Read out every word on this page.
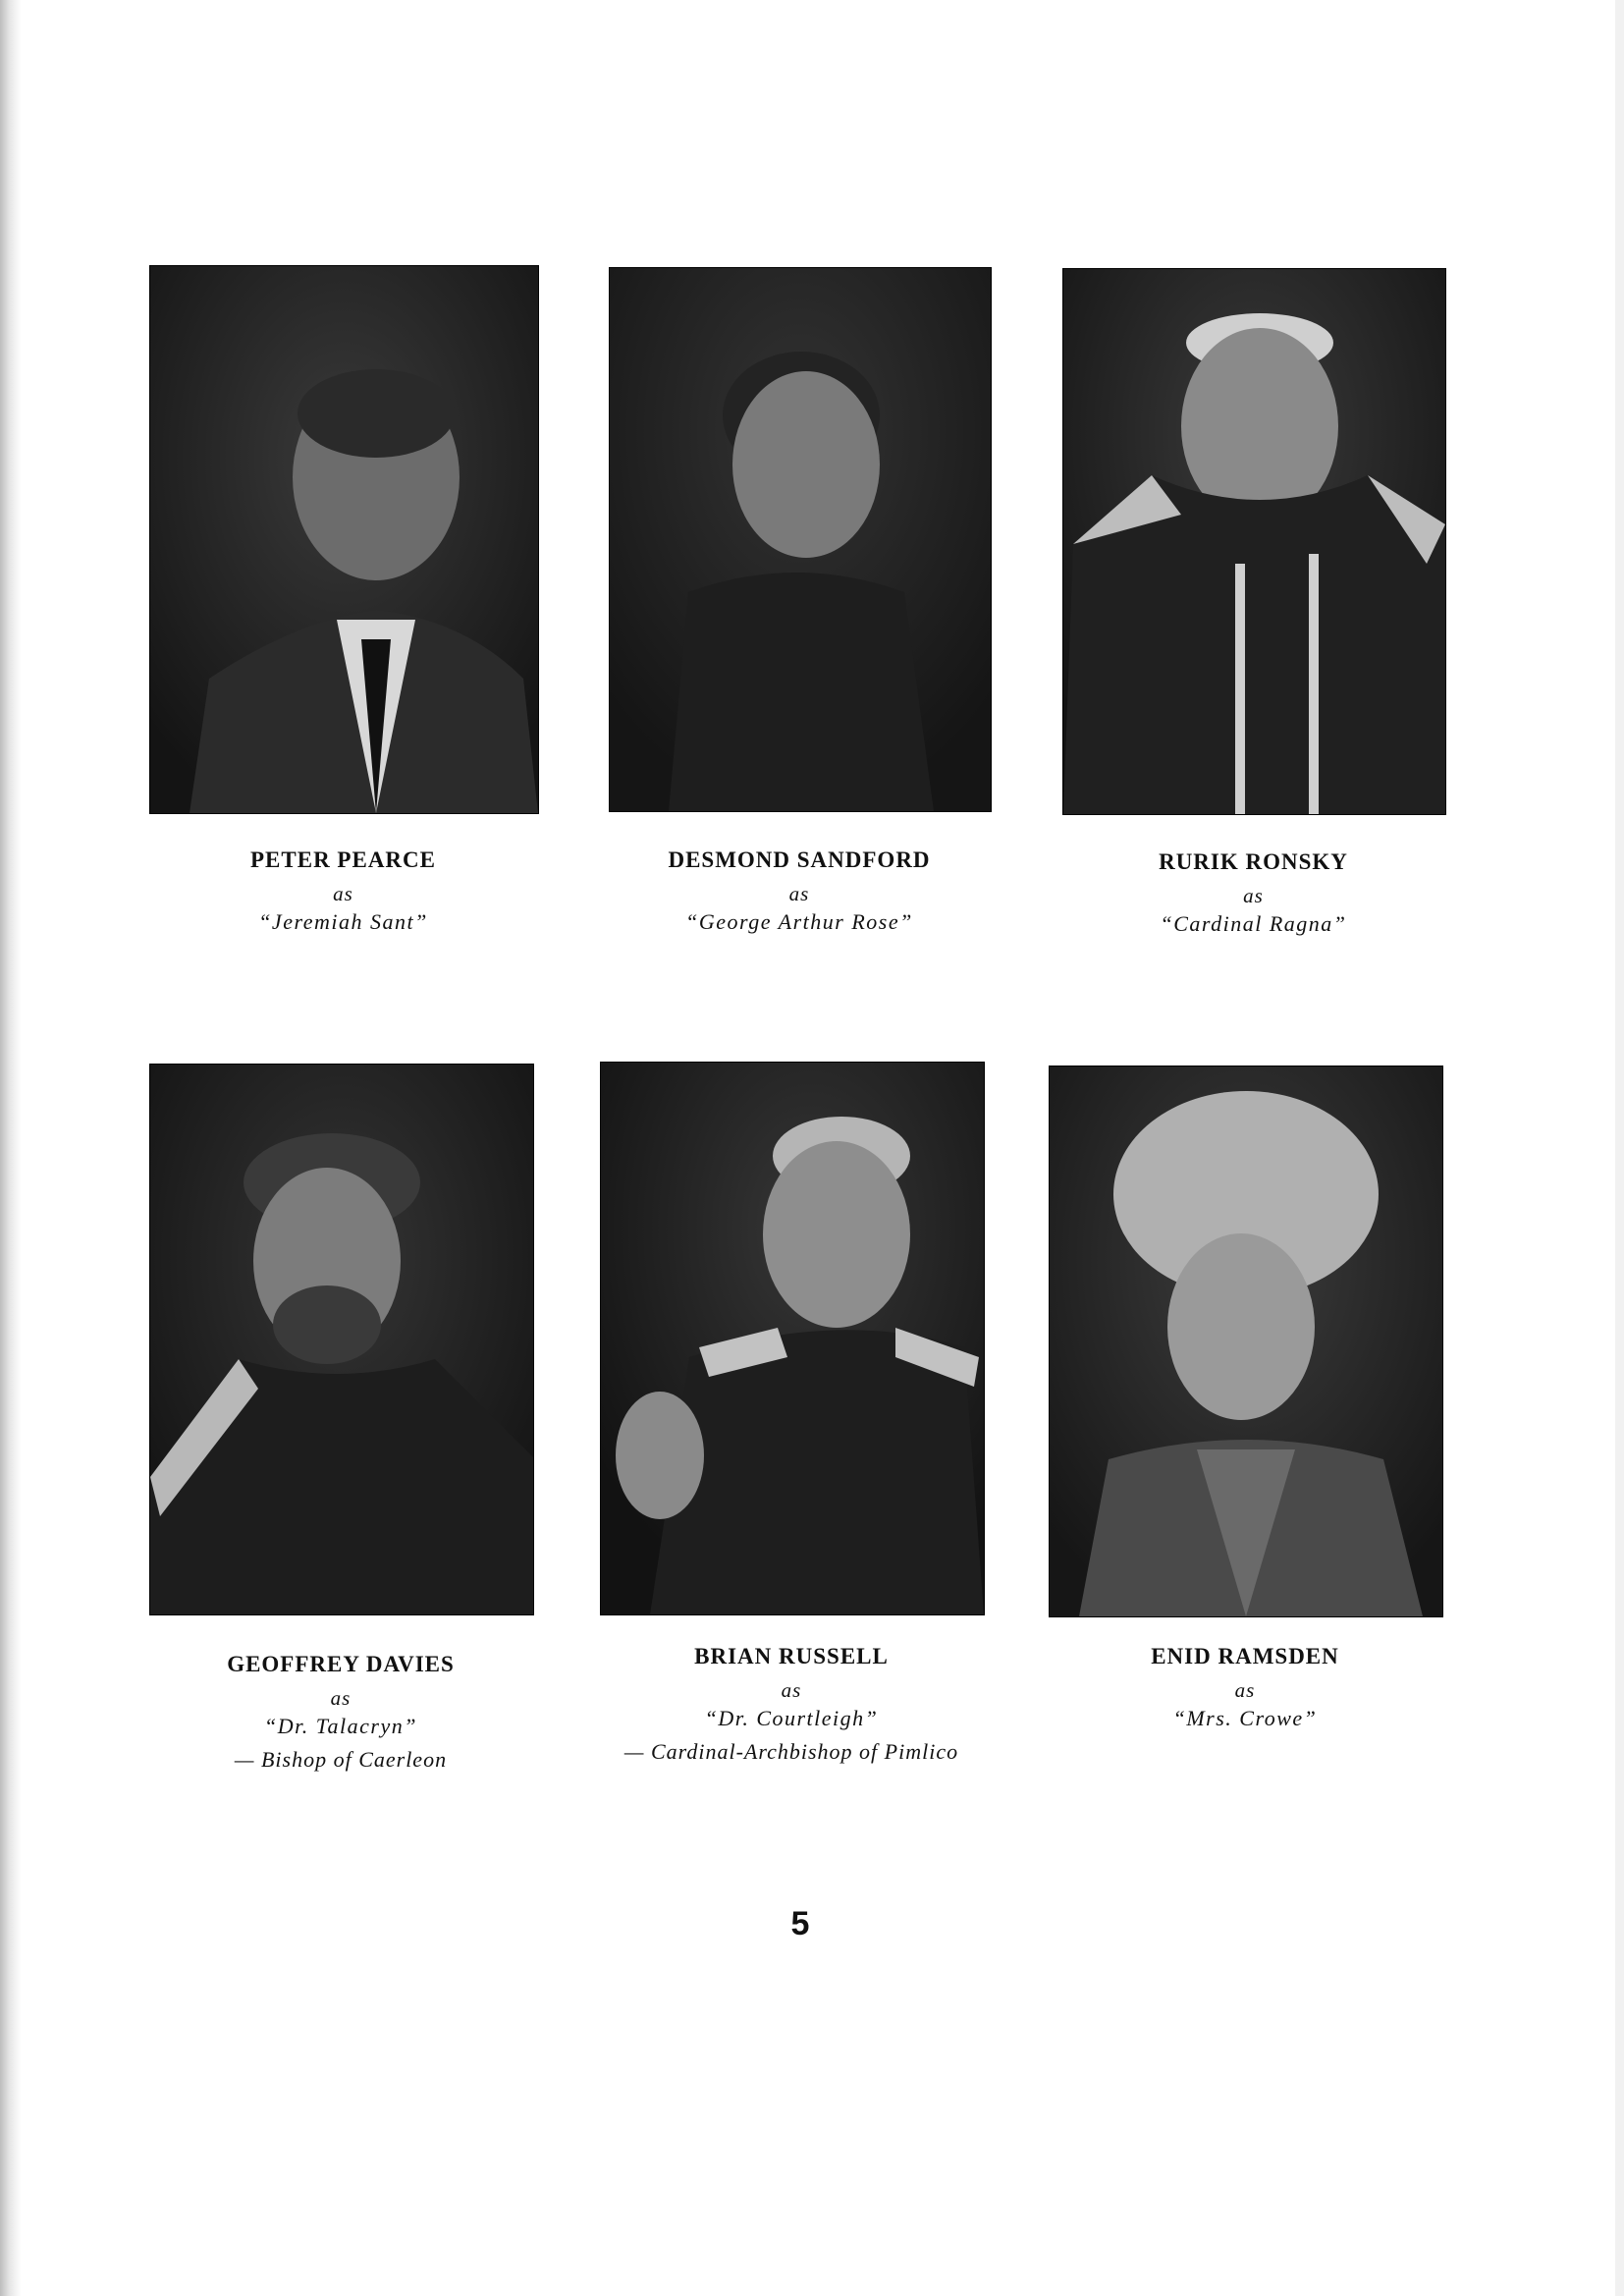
PETER PEARCE
as
“Jeremiah Sant”
DESMOND SANDFORD
as
“George Arthur Rose”
RURIK RONSKY
as
“Cardinal Ragna”
GEOFFREY DAVIES
as
“Dr. Talacryn”
— Bishop of Caerleon
BRIAN RUSSELL
as
“Dr. Courtleigh”
— Cardinal-Archbishop of Pimlico
ENID RAMSDEN
as
“Mrs. Crowe”
5
